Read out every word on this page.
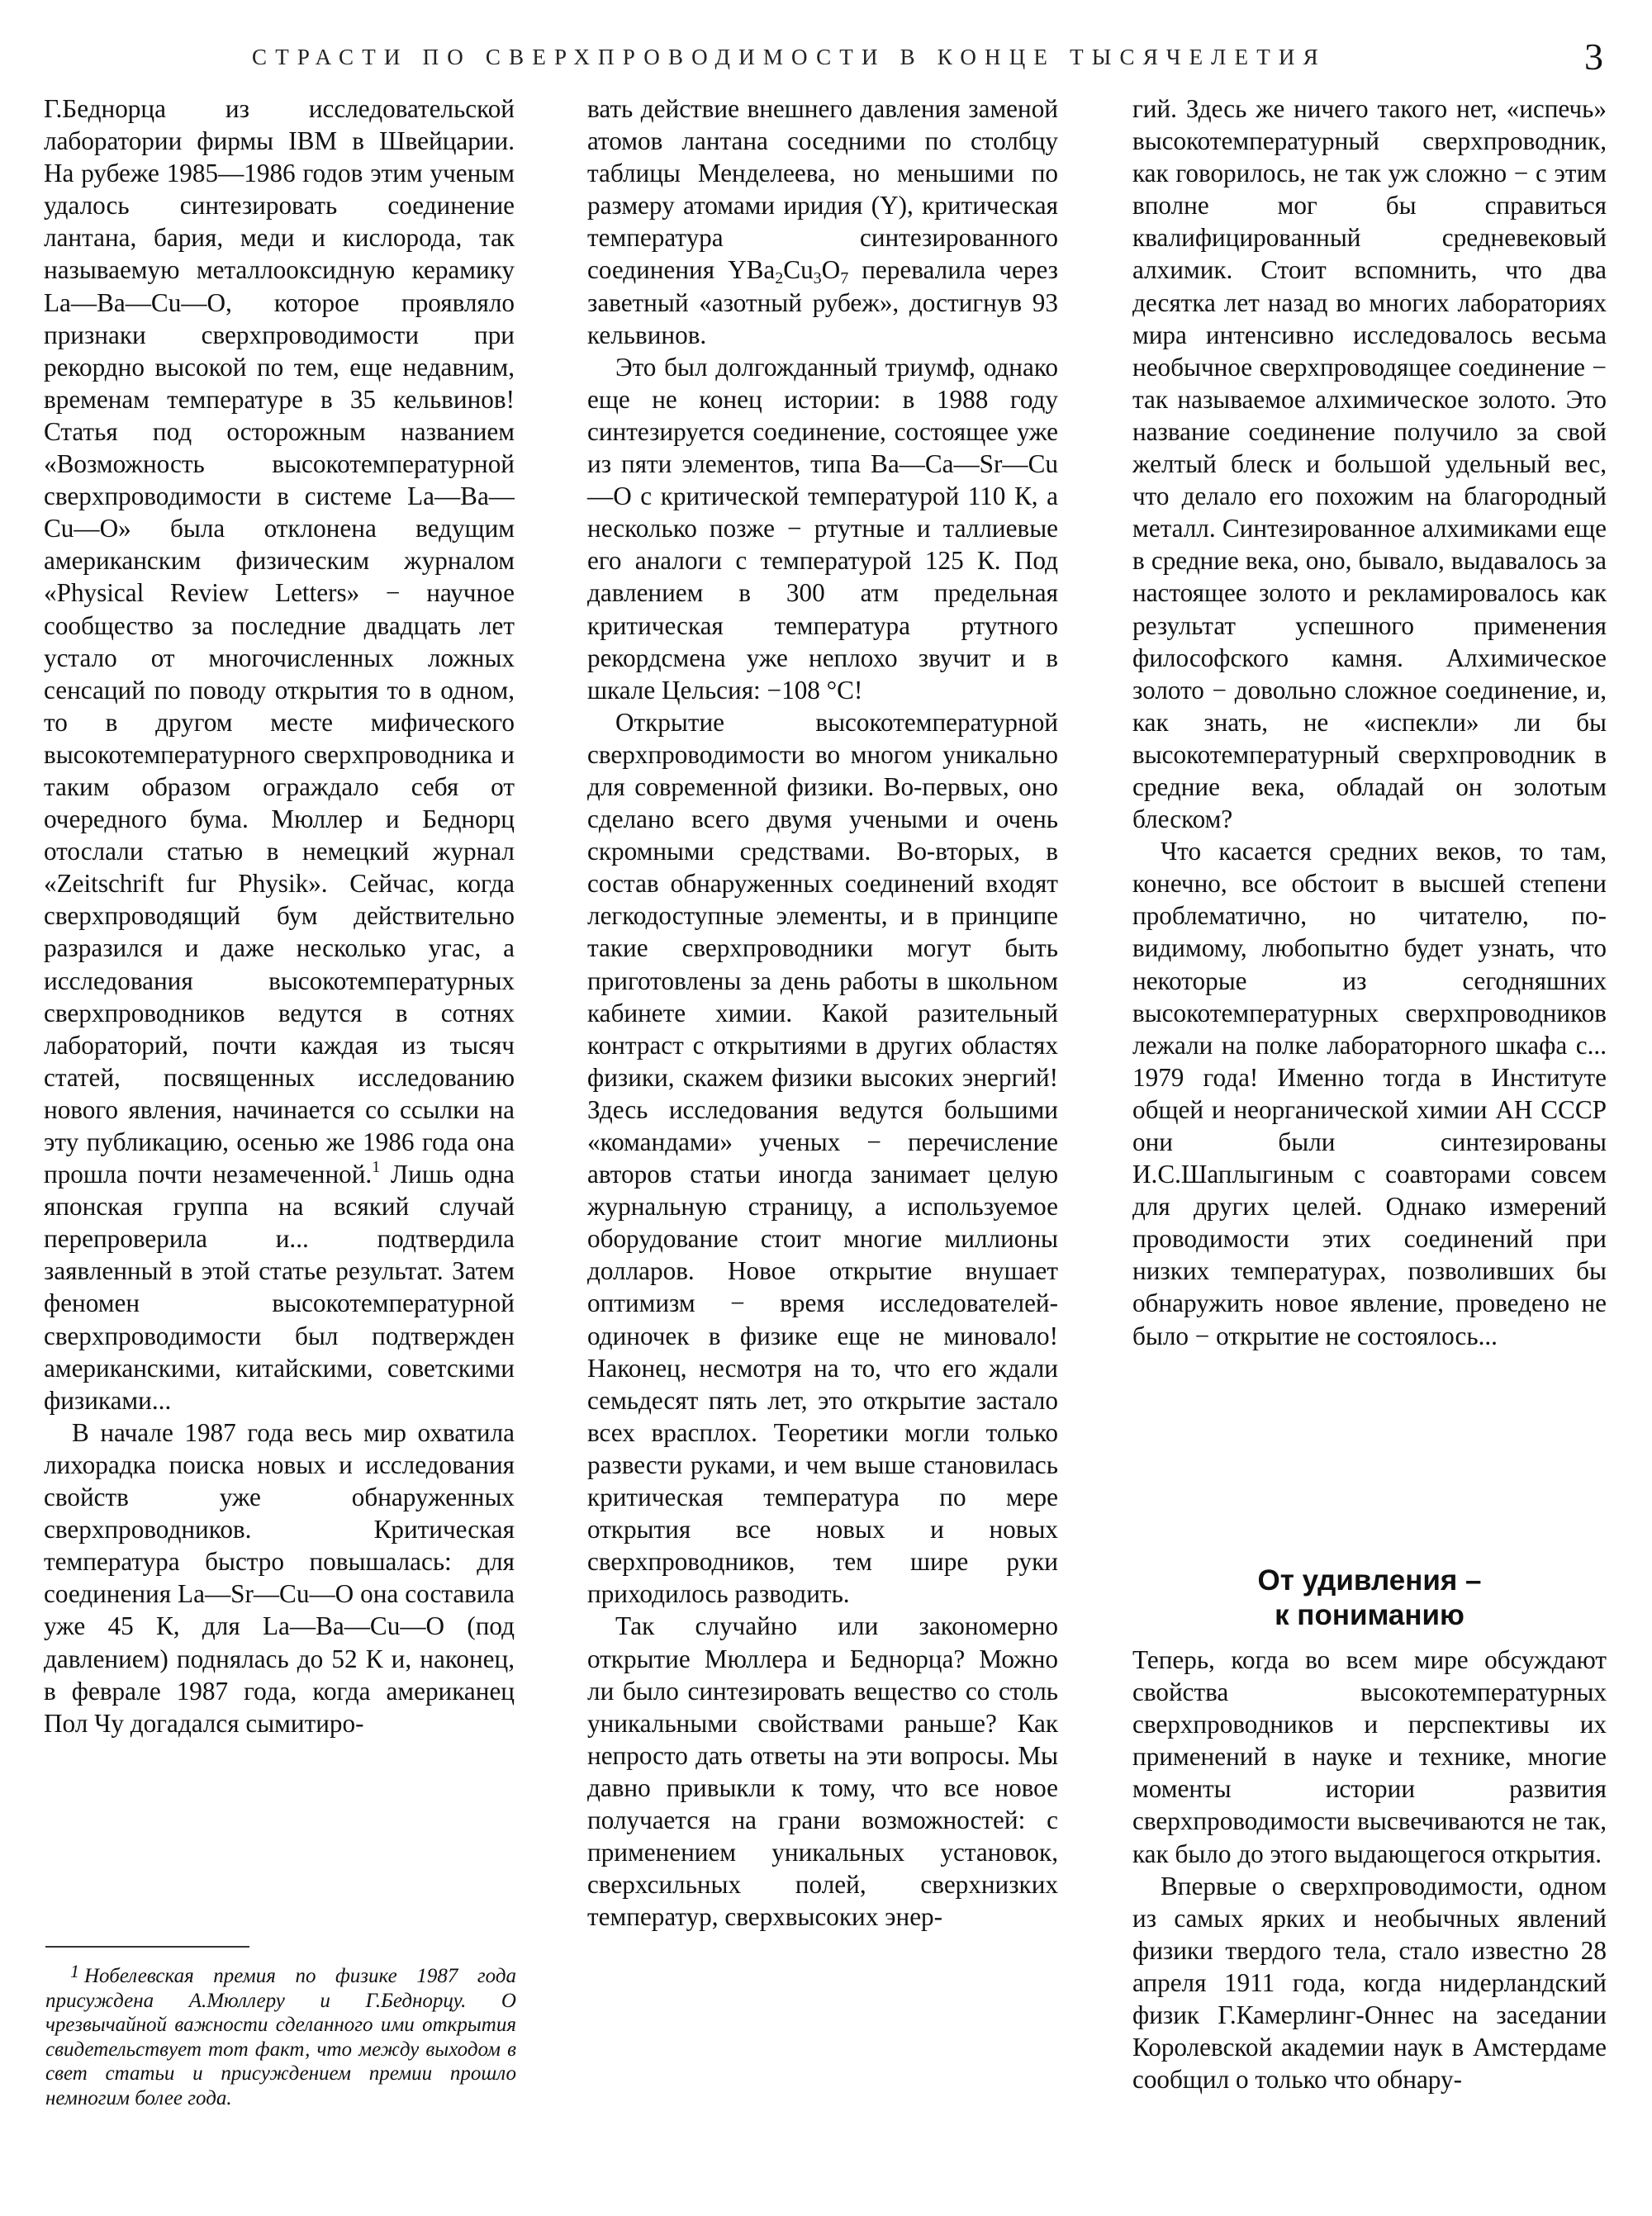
СТРАСТИ ПО СВЕРХПРОВОДИМОСТИ В КОНЦЕ ТЫСЯЧЕЛЕТИЯ	3

Г.Беднорца из исследовательской лаборатории фирмы IBM в Швейцарии. На рубеже 1985—1986 годов этим ученым удалось синтезировать соединение лантана, бария, меди и кислорода, так называемую металлооксидную керамику La—Ba—Cu—O, которое проявляло признаки сверхпроводимости при рекордно высокой по тем, еще недавним, временам температуре в 35 кельвинов! Статья под осторожным названием «Возможность высокотемпературной сверхпроводимости в системе La—Ba—Cu—O» была отклонена ведущим американским физическим журналом «Physical Review Letters» − научное сообщество за последние двадцать лет устало от многочисленных ложных сенсаций по поводу открытия то в одном, то в другом месте мифического высокотемпературного сверхпроводника и таким образом ограждало себя от очередного бума. Мюллер и Беднорц отослали статью в немецкий журнал «Zeitschrift fur Physik». Сейчас, когда сверхпроводящий бум действительно разразился и даже несколько угас, а исследования высокотемпературных сверхпроводников ведутся в сотнях лабораторий, почти каждая из тысяч статей, посвященных исследованию нового явления, начинается со ссылки на эту публикацию, осенью же 1986 года она прошла почти незамеченной.$^1$ Лишь одна японская группа на всякий случай перепроверила и... подтвердила заявленный в этой статье результат. Затем феномен высокотемпературной сверхпроводимости был подтвержден американскими, китайскими, советскими физиками...

В начале 1987 года весь мир охватила лихорадка поиска новых и исследования свойств уже обнаруженных сверхпроводников. Критическая температура быстро повышалась: для соединения La—Sr—Cu—O она составила уже 45 К, для La—Ba—Cu—O (под давлением) поднялась до 52 К и, наконец, в феврале 1987 года, когда американец Пол Чу догадался сымитиро-

1 Нобелевская премия по физике 1987 года присуждена А.Мюллеру и Г.Беднорцу. О чрезвычайной важности сделанного ими открытия свидетельствует тот факт, что между выходом в свет статьи и присуждением премии прошло немногим более года.

вать действие внешнего давления заменой атомов лантана соседними по столбцу таблицы Менделеева, но меньшими по размеру атомами иридия (Y), критическая температура синтезированного соединения $YBa_2Cu_3O_7$ перевалила через заветный «азотный рубеж», достигнув 93 кельвинов.

Это был долгожданный триумф, однако еще не конец истории: в 1988 году синтезируется соединение, состоящее уже из пяти элементов, типа Ba—Ca—Sr—Cu—O с критической температурой 110 К, а несколько позже − ртутные и таллиевые его аналоги с температурой 125 К. Под давлением в 300 атм предельная критическая температура ртутного рекордсмена уже неплохо звучит и в шкале Цельсия: −108 °С!

Открытие высокотемпературной сверхпроводимости во многом уникально для современной физики. Во-первых, оно сделано всего двумя учеными и очень скромными средствами. Во-вторых, в состав обнаруженных соединений входят легкодоступные элементы, и в принципе такие сверхпроводники могут быть приготовлены за день работы в школьном кабинете химии. Какой разительный контраст с открытиями в других областях физики, скажем физики высоких энергий! Здесь исследования ведутся большими «командами» ученых − перечисление авторов статьи иногда занимает целую журнальную страницу, а используемое оборудование стоит многие миллионы долларов. Новое открытие внушает оптимизм − время исследователей-одиночек в физике еще не миновало! Наконец, несмотря на то, что его ждали семьдесят пять лет, это открытие застало всех врасплох. Теоретики могли только развести руками, и чем выше становилась критическая температура по мере открытия все новых и новых сверхпроводников, тем шире руки приходилось разводить.

Так случайно или закономерно открытие Мюллера и Беднорца? Можно ли было синтезировать вещество со столь уникальными свойствами раньше? Как непросто дать ответы на эти вопросы. Мы давно привыкли к тому, что все новое получается на грани возможностей: с применением уникальных установок, сверхсильных полей, сверхнизких температур, сверхвысоких энер-

гий. Здесь же ничего такого нет, «испечь» высокотемпературный сверхпроводник, как говорилось, не так уж сложно − с этим вполне мог бы справиться квалифицированный средневековый алхимик. Стоит вспомнить, что два десятка лет назад во многих лабораториях мира интенсивно исследовалось весьма необычное сверхпроводящее соединение − так называемое алхимическое золото. Это название соединение получило за свой желтый блеск и большой удельный вес, что делало его похожим на благородный металл. Синтезированное алхимиками еще в средние века, оно, бывало, выдавалось за настоящее золото и рекламировалось как результат успешного применения философского камня. Алхимическое золото − довольно сложное соединение, и, как знать, не «испекли» ли бы высокотемпературный сверхпроводник в средние века, обладай он золотым блеском?

Что касается средних веков, то там, конечно, все обстоит в высшей степени проблематично, но читателю, по-видимому, любопытно будет узнать, что некоторые из сегодняшних высокотемпературных сверхпроводников лежали на полке лабораторного шкафа с... 1979 года! Именно тогда в Институте общей и неорганической химии АН СССР они были синтезированы И.С.Шаплыгиным с соавторами совсем для других целей. Однако измерений проводимости этих соединений при низких температурах, позволивших бы обнаружить новое явление, проведено не было − открытие не состоялось...

От удивления –
к пониманию

Теперь, когда во всем мире обсуждают свойства высокотемпературных сверхпроводников и перспективы их применений в науке и технике, многие моменты истории развития сверхпроводимости высвечиваются не так, как было до этого выдающегося открытия.

Впервые о сверхпроводимости, одном из самых ярких и необычных явлений физики твердого тела, стало известно 28 апреля 1911 года, когда нидерландский физик Г.Камерлинг-Оннес на заседании Королевской академии наук в Амстердаме сообщил о только что обнару-
